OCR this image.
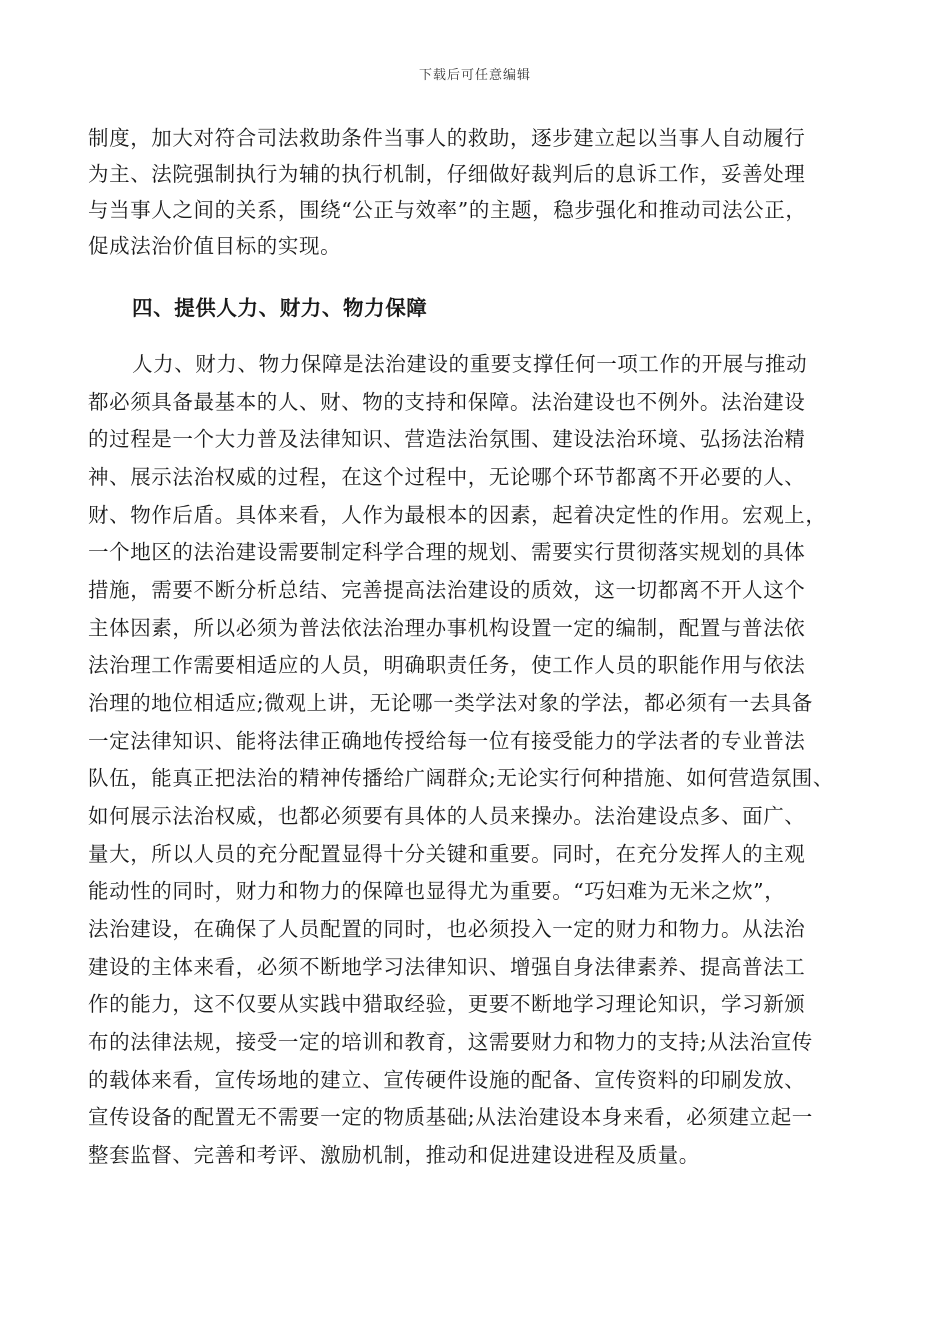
下载后可任意编辑
制度，加大对符合司法救助条件当事人的救助，逐步建立起以当事人自动履行
为主、法院强制执行为辅的执行机制，仔细做好裁判后的息诉工作，妥善处理
与当事人之间的关系，围绕“公正与效率”的主题，稳步强化和推动司法公正，
促成法治价值目标的实现。
四、提供人力、财力、物力保障
人力、财力、物力保障是法治建设的重要支撑任何一项工作的开展与推动
都必须具备最基本的人、财、物的支持和保障。法治建设也不例外。法治建设
的过程是一个大力普及法律知识、营造法治氛围、建设法治环境、弘扬法治精
神、展示法治权威的过程，在这个过程中，无论哪个环节都离不开必要的人、
财、物作后盾。具体来看，人作为最根本的因素，起着决定性的作用。宏观上，
一个地区的法治建设需要制定科学合理的规划、需要实行贯彻落实规划的具体
措施，需要不断分析总结、完善提高法治建设的质效，这一切都离不开人这个
主体因素，所以必须为普法依法治理办事机构设置一定的编制，配置与普法依
法治理工作需要相适应的人员，明确职责任务，使工作人员的职能作用与依法
治理的地位相适应;微观上讲，无论哪一类学法对象的学法，都必须有一去具备
一定法律知识、能将法律正确地传授给每一位有接受能力的学法者的专业普法
队伍，能真正把法治的精神传播给广阔群众;无论实行何种措施、如何营造氛围、
如何展示法治权威，也都必须要有具体的人员来操办。法治建设点多、面广、
量大，所以人员的充分配置显得十分关键和重要。同时，在充分发挥人的主观
能动性的同时，财力和物力的保障也显得尤为重要。“巧妇难为无米之炊”，
法治建设，在确保了人员配置的同时，也必须投入一定的财力和物力。从法治
建设的主体来看，必须不断地学习法律知识、增强自身法律素养、提高普法工
作的能力，这不仅要从实践中猎取经验，更要不断地学习理论知识，学习新颁
布的法律法规，接受一定的培训和教育，这需要财力和物力的支持;从法治宣传
的载体来看，宣传场地的建立、宣传硬件设施的配备、宣传资料的印刷发放、
宣传设备的配置无不需要一定的物质基础;从法治建设本身来看，必须建立起一
整套监督、完善和考评、激励机制，推动和促进建设进程及质量。
